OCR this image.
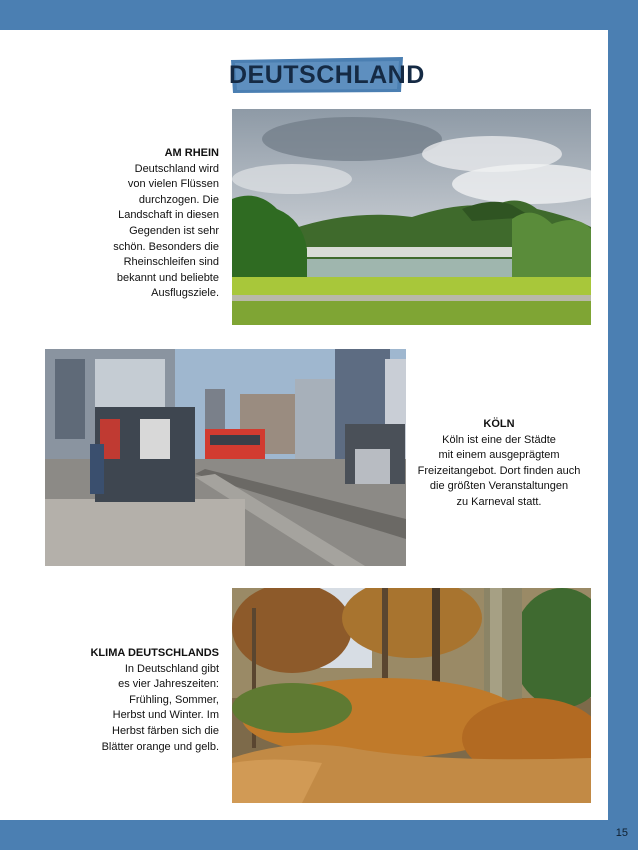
DEUTSCHLAND
AM RHEIN
Deutschland wird
von vielen Flüssen
durchzogen. Die
Landschaft in diesen
Gegenden ist sehr
schön. Besonders die
Rheinschleifen sind
bekannt und beliebte
Ausflugsziele.
KÖLN
Köln ist eine der Städte
mit einem ausgeprägtem
Freizeitangebot. Dort finden auch
die größten Veranstaltungen
zu Karneval statt.
KLIMA DEUTSCHLANDS
In Deutschland gibt
es vier Jahreszeiten:
Frühling, Sommer,
Herbst und Winter. Im
Herbst färben sich die
Blätter orange und gelb.
15
